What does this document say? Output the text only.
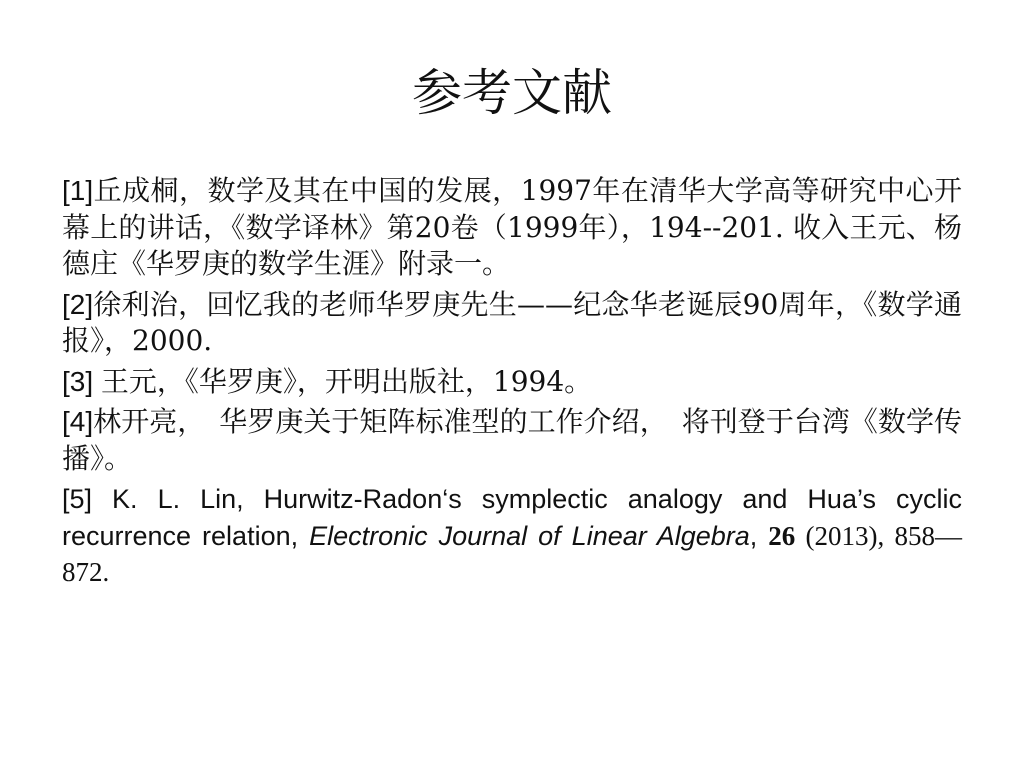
参考文献

[1]丘成桐，数学及其在中国的发展，1997年在清华大学高等研究中心开幕上的讲话，《数学译林》第20卷（1999年），194--201. 收入王元、杨德庄《华罗庚的数学生涯》附录一。

[2]徐利治，回忆我的老师华罗庚先生——纪念华老诞辰90周年，《数学通报》，2000.

[3] 王元，《华罗庚》，开明出版社，1994。

[4]林开亮，　华罗庚关于矩阵标准型的工作介绍，　将刊登于台湾《数学传播》。

[5] K. L. Lin, Hurwitz-Radon‘s symplectic analogy and Hua’s cyclic recurrence relation, Electronic Journal of Linear Algebra, 26 (2013), 858—872.
